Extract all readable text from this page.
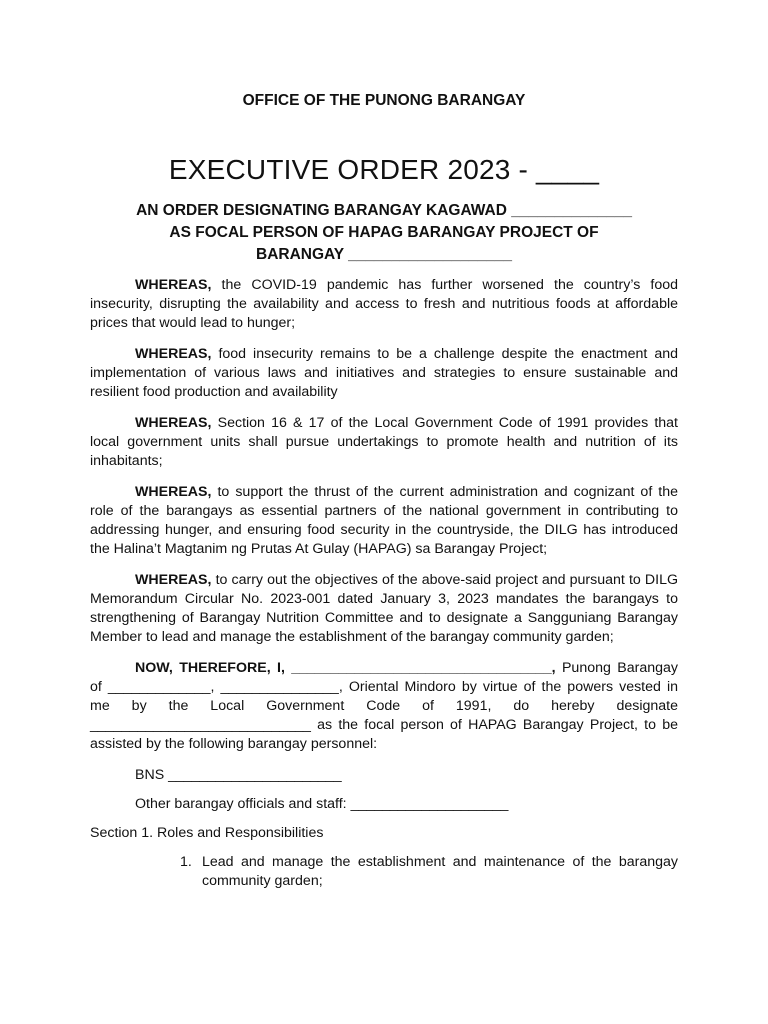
OFFICE OF THE PUNONG BARANGAY
EXECUTIVE ORDER 2023 - ____
AN ORDER DESIGNATING BARANGAY KAGAWAD ______________
AS FOCAL PERSON OF HAPAG BARANGAY PROJECT OF
BARANGAY ___________________

WHEREAS, the COVID-19 pandemic has further worsened the country’s food insecurity, disrupting the availability and access to fresh and nutritious foods at affordable prices that would lead to hunger;

WHEREAS, food insecurity remains to be a challenge despite the enactment and implementation of various laws and initiatives and strategies to ensure sustainable and resilient food production and availability

WHEREAS, Section 16 & 17 of the Local Government Code of 1991 provides that local government units shall pursue undertakings to promote health and nutrition of its inhabitants;

WHEREAS, to support the thrust of the current administration and cognizant of the role of the barangays as essential partners of the national government in contributing to addressing hunger, and ensuring food security in the countryside, the DILG has introduced the Halina’t Magtanim ng Prutas At Gulay (HAPAG) sa Barangay Project;

WHEREAS, to carry out the objectives of the above-said project and pursuant to DILG Memorandum Circular No. 2023-001 dated January 3, 2023 mandates the barangays to strengthening of Barangay Nutrition Committee and to designate a Sangguniang Barangay Member to lead and manage the establishment of the barangay community garden;

NOW, THEREFORE, I, _________________________________, Punong Barangay of _____________, _______________, Oriental Mindoro by virtue of the powers vested in me by the Local Government Code of 1991, do hereby designate ____________________________ as the focal person of HAPAG Barangay Project, to be assisted by the following barangay personnel:

BNS ______________________
Other barangay officials and staff: ____________________
Section 1. Roles and Responsibilities
1. Lead and manage the establishment and maintenance of the barangay community garden;
